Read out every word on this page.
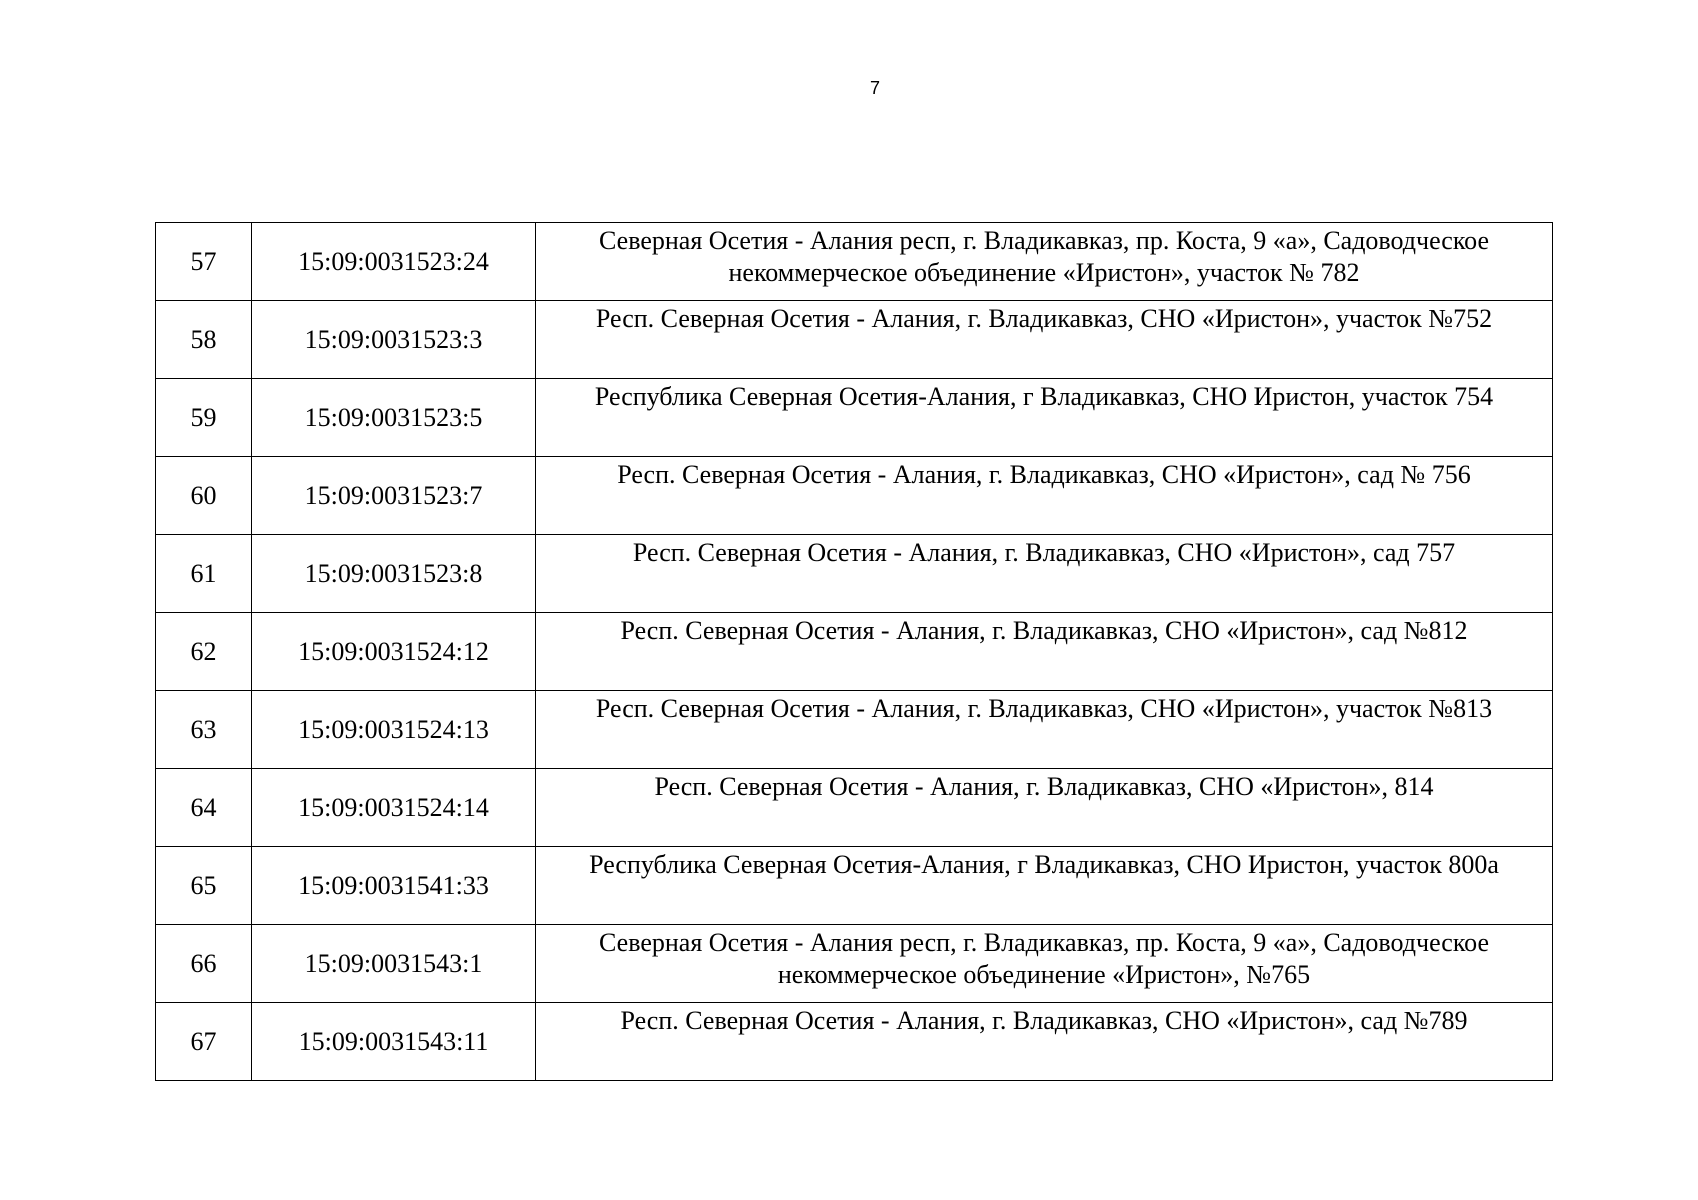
7
57	15:09:0031523:24	Северная Осетия - Алания респ, г. Владикавказ, пр. Коста, 9 «а», Садоводческое некоммерческое объединение «Иристон», участок № 782
58	15:09:0031523:3	Респ. Северная Осетия - Алания, г. Владикавказ, СНО «Иристон», участок №752
59	15:09:0031523:5	Республика Северная Осетия-Алания, г Владикавказ, СНО Иристон, участок 754
60	15:09:0031523:7	Респ. Северная Осетия - Алания, г. Владикавказ, СНО «Иристон», сад № 756
61	15:09:0031523:8	Респ. Северная Осетия - Алания, г. Владикавказ, СНО «Иристон», сад 757
62	15:09:0031524:12	Респ. Северная Осетия - Алания, г. Владикавказ, СНО «Иристон», сад №812
63	15:09:0031524:13	Респ. Северная Осетия - Алания, г. Владикавказ, СНО «Иристон», участок №813
64	15:09:0031524:14	Респ. Северная Осетия - Алания, г. Владикавказ, СНО «Иристон», 814
65	15:09:0031541:33	Республика Северная Осетия-Алания, г Владикавказ, СНО Иристон, участок 800а
66	15:09:0031543:1	Северная Осетия - Алания респ, г. Владикавказ, пр. Коста, 9 «а», Садоводческое некоммерческое объединение «Иристон», №765
67	15:09:0031543:11	Респ. Северная Осетия - Алания, г. Владикавказ, СНО «Иристон», сад №789
